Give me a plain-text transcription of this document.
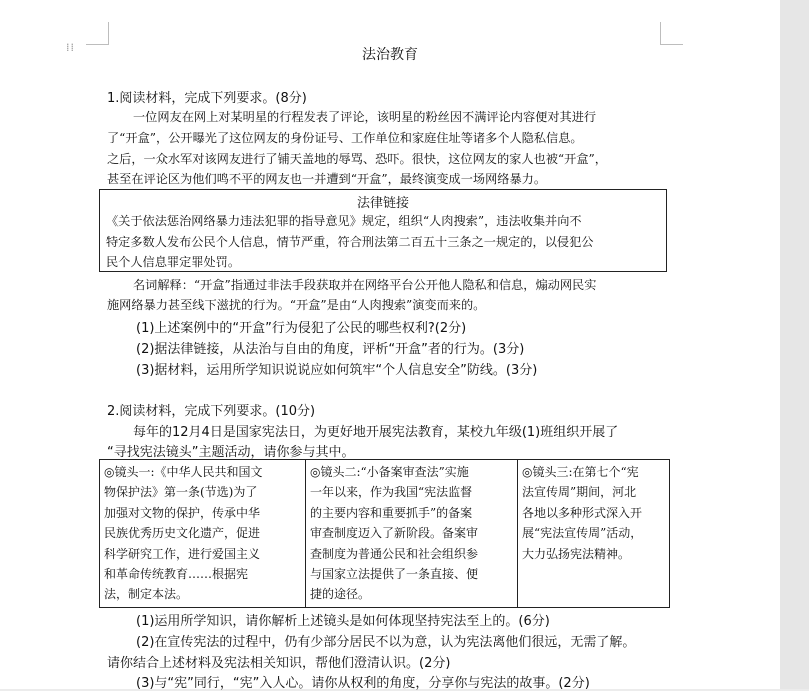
⁞⁞	法治教育
1.阅读材料，完成下列要求。(8分)
一位网友在网上对某明星的行程发表了评论，该明星的粉丝因不满评论内容便对其进行
了“开盒”，公开曝光了这位网友的身份证号、工作单位和家庭住址等诸多个人隐私信息。
之后，一众水军对该网友进行了铺天盖地的辱骂、恐吓。很快，这位网友的家人也被“开盒”，
甚至在评论区为他们鸣不平的网友也一并遭到“开盒”，最终演变成一场网络暴力。
法律链接
《关于依法惩治网络暴力违法犯罪的指导意见》规定，组织“人肉搜索”，违法收集并向不
特定多数人发布公民个人信息，情节严重，符合刑法第二百五十三条之一规定的，以侵犯公
民个人信息罪定罪处罚。
名词解释：“开盒”指通过非法手段获取并在网络平台公开他人隐私和信息，煽动网民实
施网络暴力甚至线下滋扰的行为。“开盒”是由“人肉搜索”演变而来的。
(1)上述案例中的“开盒”行为侵犯了公民的哪些权利?(2分)
(2)据法律链接，从法治与自由的角度，评析“开盒”者的行为。(3分)
(3)据材料，运用所学知识说说应如何筑牢“个人信息安全”防线。(3分)
2.阅读材料，完成下列要求。(10分)
每年的12月4日是国家宪法日，为更好地开展宪法教育，某校九年级(1)班组织开展了
“寻找宪法镜头”主题活动，请你参与其中。
◎镜头一:《中华人民共和国文
物保护法》第一条(节选)为了
加强对文物的保护，传承中华
民族优秀历史文化遗产，促进
科学研究工作，进行爱国主义
和革命传统教育……根据宪
法，制定本法。

◎镜头二:“小备案审查法”实施
一年以来，作为我国“宪法监督
的主要内容和重要抓手”的备案
审查制度迈入了新阶段。备案审
查制度为普通公民和社会组织参
与国家立法提供了一条直接、便
捷的途径。

◎镜头三:在第七个“宪
法宣传周”期间，河北
各地以多种形式深入开
展“宪法宣传周”活动，
大力弘扬宪法精神。
(1)运用所学知识，请你解析上述镜头是如何体现坚持宪法至上的。(6分)
(2)在宣传宪法的过程中，仍有少部分居民不以为意，认为宪法离他们很远，无需了解。
请你结合上述材料及宪法相关知识，帮他们澄清认识。(2分)
(3)与“宪”同行，“宪”入人心。请你从权利的角度，分享你与宪法的故事。(2分)
